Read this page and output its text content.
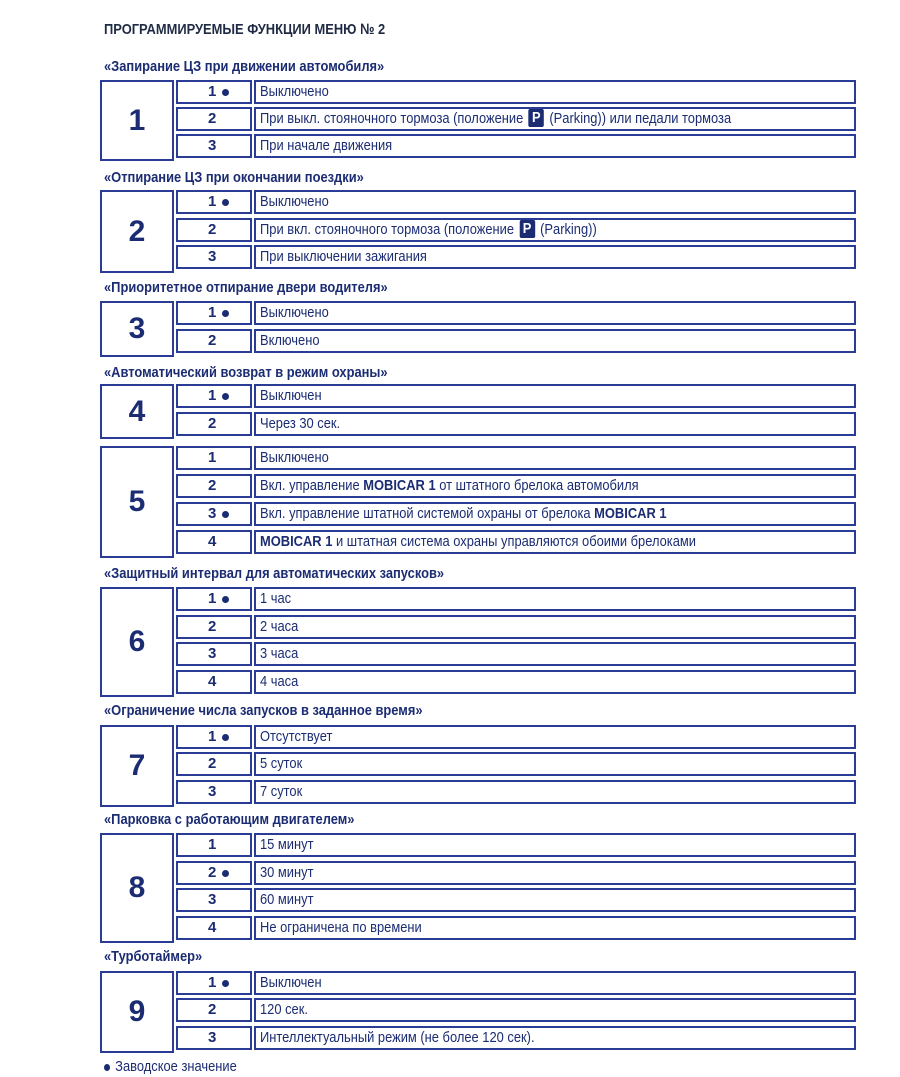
ПРОГРАММИРУЕМЫЕ ФУНКЦИИ МЕНЮ № 2
«Запирание ЦЗ при движении автомобиля»
1
1	Выключено
2	При выкл. стояночного тормоза (положение P (Parking)) или педали тормоза
3	При начале движения
«Отпирание ЦЗ при окончании поездки»
2
1	Выключено
2	При вкл. стояночного тормоза (положение P (Parking))
3	При выключении зажигания
«Приоритетное отпирание двери водителя»
3	1	Выключено
2	Включено
«Автоматический возврат в режим охраны»
4	1	Выключен
2	Через 30 сек.
5
1	Выключено
2	Вкл. управление MOBICAR 1 от штатного брелока автомобиля
3	Вкл. управление штатной системой охраны от брелока MOBICAR 1
4	MOBICAR 1 и штатная система охраны управляются обоими брелоками
«Защитный интервал для автоматических запусков»
6
1	1 час
2	2 часа
3	3 часа
4	4 часа
«Ограничение числа запусков в заданное время»
7
1	Отсутствует
2	5 суток
3	7 суток
«Парковка с работающим двигателем»
8
1	15 минут
2	30 минут
3	60 минут
4	Не ограничена по времени
«Турботаймер»
9
1	Выключен
2	120 сек.
3	Интеллектуальный режим (не более 120 сек).
Заводское значение
